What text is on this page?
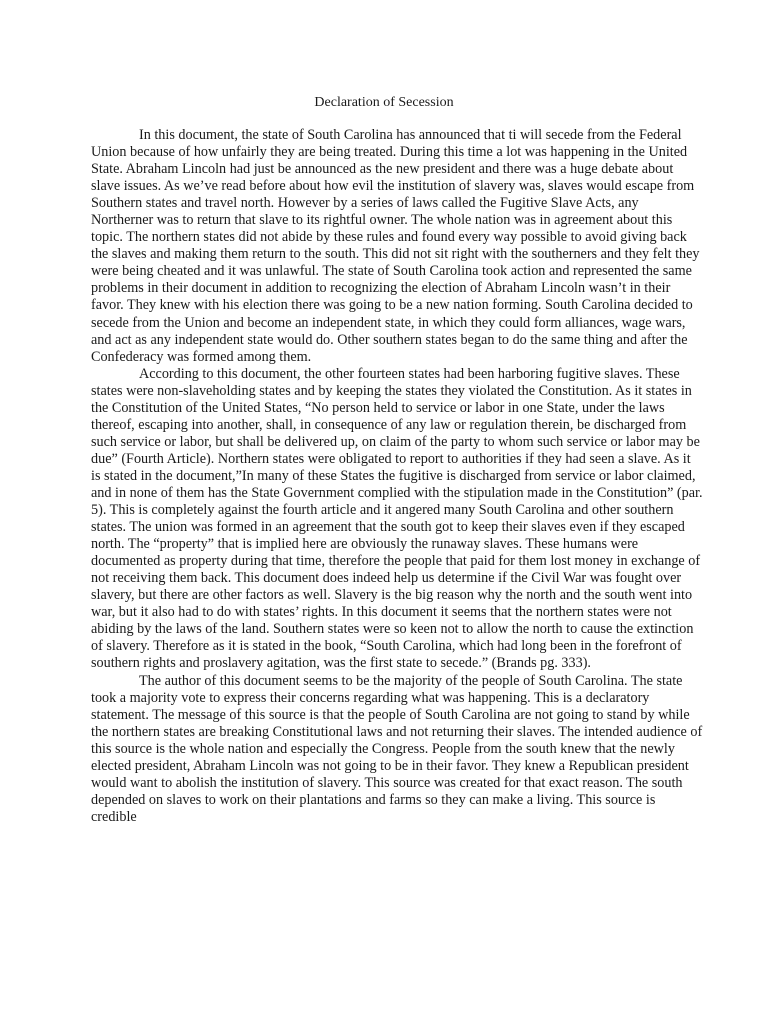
Declaration of Secession

In this document, the state of South Carolina has announced that ti will secede from the Federal Union because of how unfairly they are being treated. During this time a lot was happening in the United State. Abraham Lincoln had just be announced as the new president and there was a huge debate about slave issues. As we’ve read before about how evil the institution of slavery was, slaves would escape from Southern states and travel north. However by a series of laws called the Fugitive Slave Acts, any Northerner was to return that slave to its rightful owner. The whole nation was in agreement about this topic. The northern states did not abide by these rules and found every way possible to avoid giving back the slaves and making them return to the south. This did not sit right with the southerners and they felt they were being cheated and it was unlawful. The state of South Carolina took action and represented the same problems in their document in addition to recognizing the election of Abraham Lincoln wasn’t in their favor. They knew with his election there was going to be a new nation forming. South Carolina decided to secede from the Union and become an independent state, in which they could form alliances, wage wars, and act as any independent state would do. Other southern states began to do the same thing and after the Confederacy was formed among them.

According to this document, the other fourteen states had been harboring fugitive slaves. These states were non-slaveholding states and by keeping the states they violated the Constitution. As it states in the Constitution of the United States, “No person held to service or labor in one State, under the laws thereof, escaping into another, shall, in consequence of any law or regulation therein, be discharged from such service or labor, but shall be delivered up, on claim of the party to whom such service or labor may be due” (Fourth Article). Northern states were obligated to report to authorities if they had seen a slave. As it is stated in the document,”In many of these States the fugitive is discharged from service or labor claimed, and in none of them has the State Government complied with the stipulation made in the Constitution” (par. 5). This is completely against the fourth article and it angered many South Carolina and other southern states. The union was formed in an agreement that the south got to keep their slaves even if they escaped north. The “property” that is implied here are obviously the runaway slaves. These humans were documented as property during that time, therefore the people that paid for them lost money in exchange of not receiving them back. This document does indeed help us determine if the Civil War was fought over slavery, but there are other factors as well. Slavery is the big reason why the north and the south went into war, but it also had to do with states’ rights. In this document it seems that the northern states were not abiding by the laws of the land. Southern states were so keen not to allow the north to cause the extinction of slavery. Therefore as it is stated in the book, “South Carolina, which had long been in the forefront of southern rights and proslavery agitation, was the first state to secede.” (Brands pg. 333).

The author of this document seems to be the majority of the people of South Carolina. The state took a majority vote to express their concerns regarding what was happening. This is a declaratory statement. The message of this source is that the people of South Carolina are not going to stand by while the northern states are breaking Constitutional laws and not returning their slaves. The intended audience of this source is the whole nation and especially the Congress. People from the south knew that the newly elected president, Abraham Lincoln was not going to be in their favor. They knew a Republican president would want to abolish the institution of slavery. This source was created for that exact reason. The south depended on slaves to work on their plantations and farms so they can make a living. This source is credible
